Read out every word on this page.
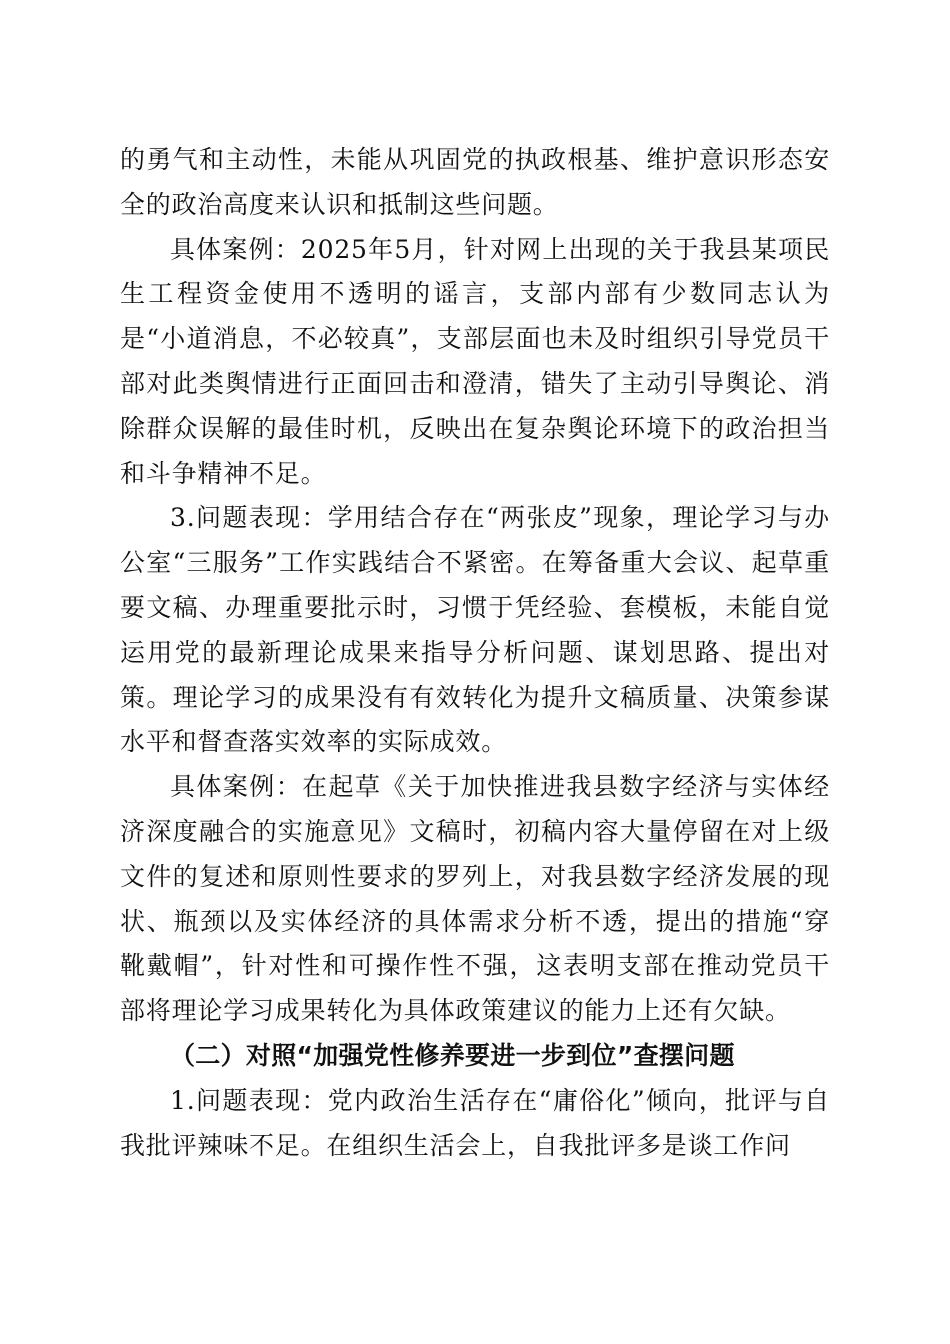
的勇气和主动性，未能从巩固党的执政根基、维护意识形态安全的政治高度来认识和抵制这些问题。

具体案例：2025年5月，针对网上出现的关于我县某项民生工程资金使用不透明的谣言，支部内部有少数同志认为是“小道消息，不必较真”，支部层面也未及时组织引导党员干部对此类舆情进行正面回击和澄清，错失了主动引导舆论、消除群众误解的最佳时机，反映出在复杂舆论环境下的政治担当和斗争精神不足。

3.问题表现：学用结合存在“两张皮”现象，理论学习与办公室“三服务”工作实践结合不紧密。在筹备重大会议、起草重要文稿、办理重要批示时，习惯于凭经验、套模板，未能自觉运用党的最新理论成果来指导分析问题、谋划思路、提出对策。理论学习的成果没有有效转化为提升文稿质量、决策参谋水平和督查落实效率的实际成效。

具体案例：在起草《关于加快推进我县数字经济与实体经济深度融合的实施意见》文稿时，初稿内容大量停留在对上级文件的复述和原则性要求的罗列上，对我县数字经济发展的现状、瓶颈以及实体经济的具体需求分析不透，提出的措施“穿靴戴帽”，针对性和可操作性不强，这表明支部在推动党员干部将理论学习成果转化为具体政策建议的能力上还有欠缺。

（二）对照“加强党性修养要进一步到位”查摆问题

1.问题表现：党内政治生活存在“庸俗化”倾向，批评与自我批评辣味不足。在组织生活会上，自我批评多是谈工作问
